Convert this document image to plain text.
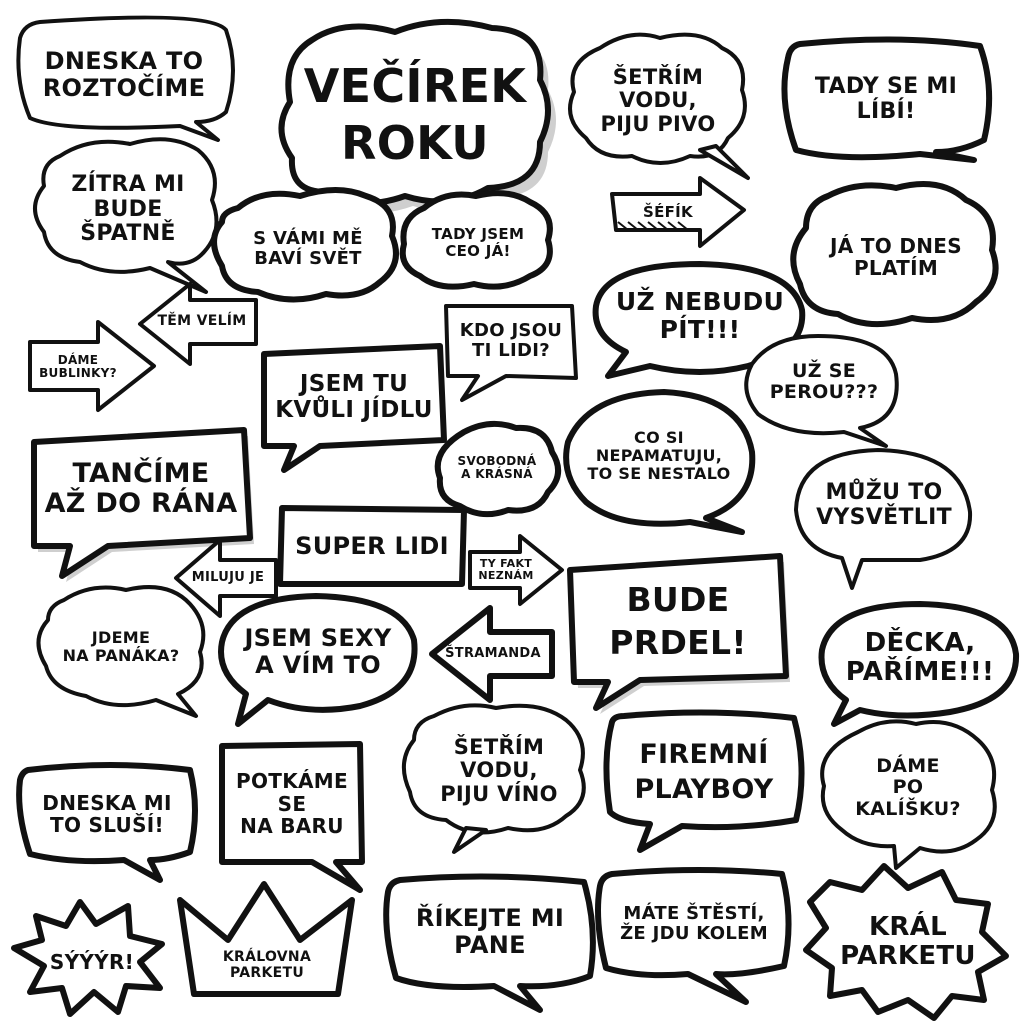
DNESKA TO
ROZTOČÍME	VEČÍREK
ROKU
ŠETŘÍM
VODU,
PIJU PIVO
TADY SE MI
LÍBÍ!
ZÍTRA MI
BUDE
ŠPATNĚ	S VÁMI MĚ
BAVÍ SVĚT
TADY JSEM
CEO JÁ!
ŠÉFÍK
JÁ TO DNES
PLATÍM
TĚM VELÍM
DÁME
BUBLINKY?
KDO JSOU
TI LIDI?
UŽ NEBUDU
PÍT!!!
UŽ SE
PEROU???
JSEM TU
KVŮLI JÍDLU
CO SI
NEPAMATUJU,
TO SE NESTALO
TANČÍME
AŽ DO RÁNA
SVOBODNÁ
A KRÁSNÁ
MŮŽU TO
VYSVĚTLIT
SUPER LIDI
TY FAKT
NEZNÁM
MILUJU JE
BUDE
PRDEL!
JDEME
NA PANÁKA?
JSEM SEXY
A VÍM TO	ŠTRAMANDA	DĚCKA,
PAŘÍME!!!
ŠETŘÍM
VODU,
PIJU VÍNO
FIREMNÍ
PLAYBOY
DÁME
PO
KALÍŠKU?
DNESKA MI
TO SLUŠÍ!
POTKÁME
SE
NA BARU
SÝÝÝR!	KRÁLOVNA
PARKETU
ŘÍKEJTE MI
PANE
MÁTE ŠTĚSTÍ,
ŽE JDU KOLEM	KRÁL
PARKETU
